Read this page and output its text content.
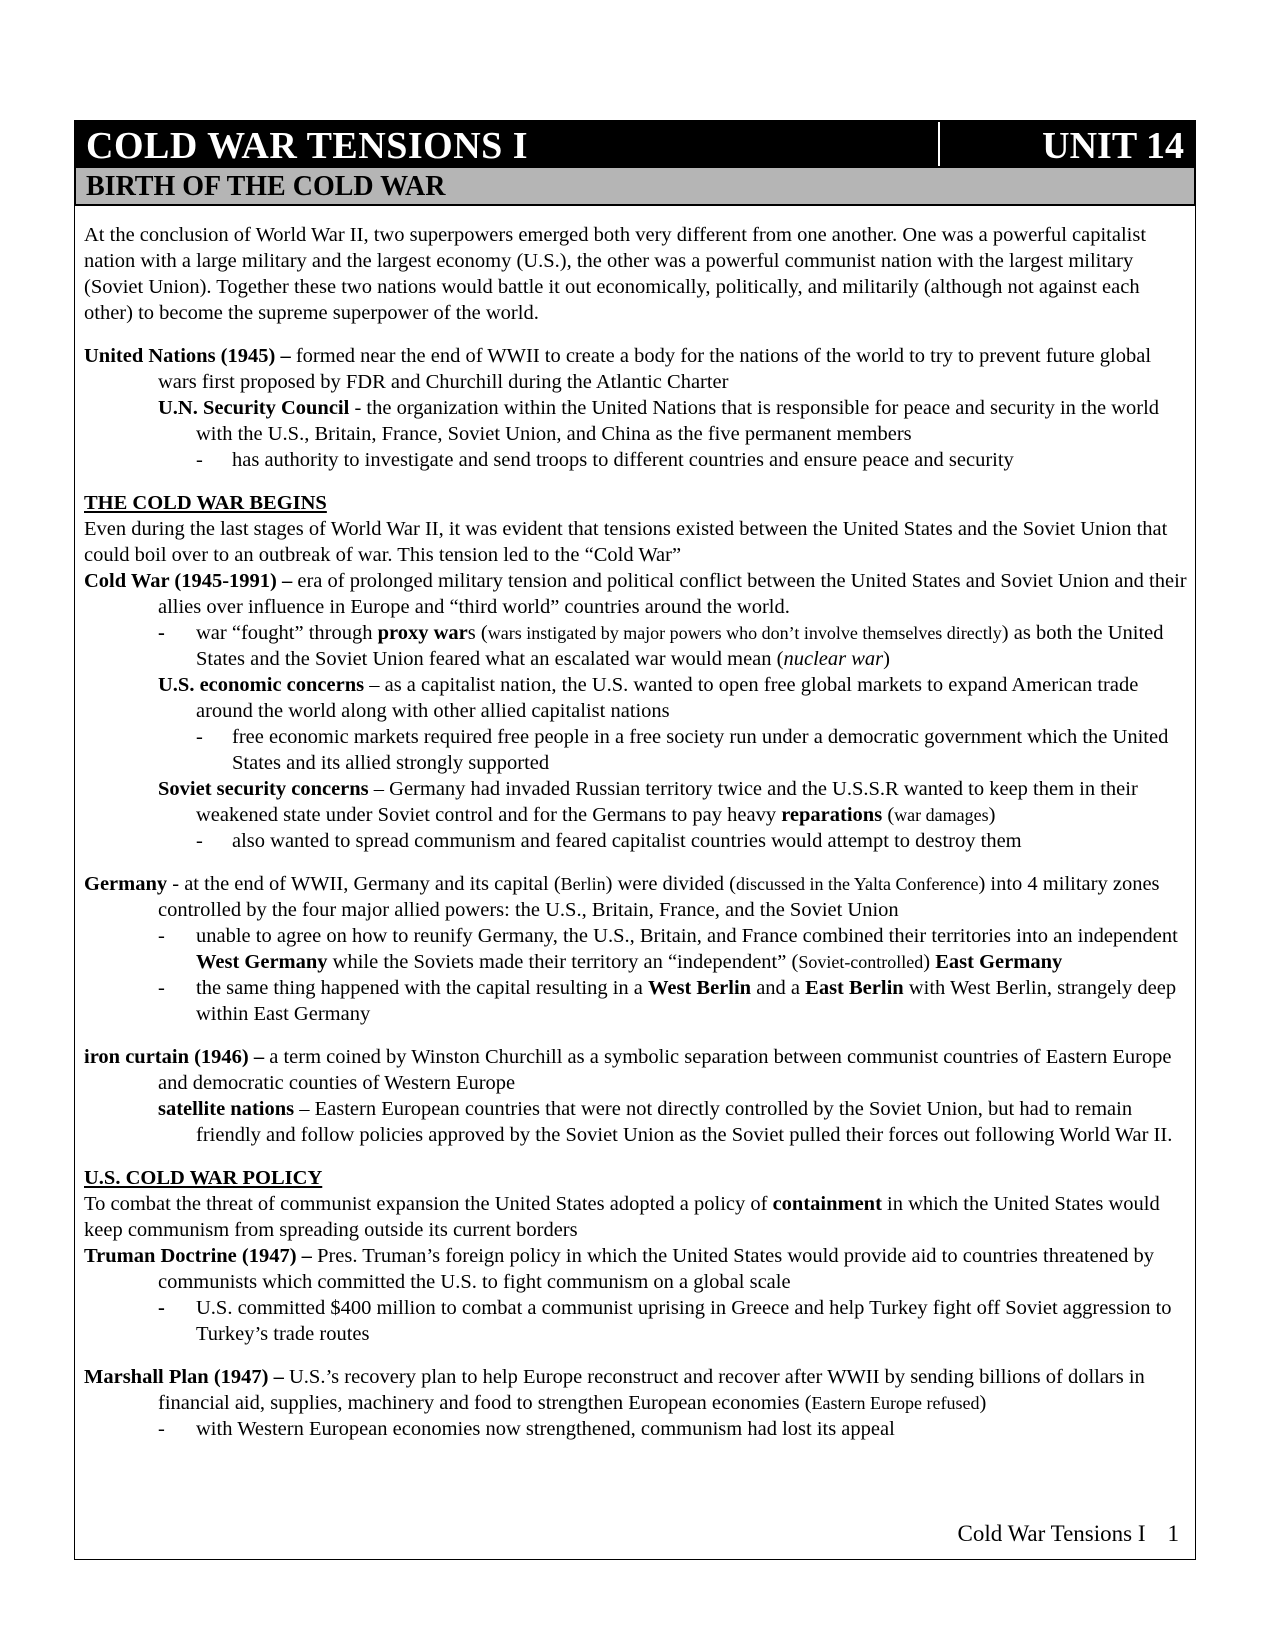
COLD WAR TENSIONS I	UNIT 14
BIRTH OF THE COLD WAR

At the conclusion of World War II, two superpowers emerged both very different from one another. One was a powerful capitalist nation with a large military and the largest economy (U.S.), the other was a powerful communist nation with the largest military (Soviet Union). Together these two nations would battle it out economically, politically, and militarily (although not against each other) to become the supreme superpower of the world.

United Nations (1945) – formed near the end of WWII to create a body for the nations of the world to try to prevent future global wars first proposed by FDR and Churchill during the Atlantic Charter

U.N. Security Council - the organization within the United Nations that is responsible for peace and security in the world with the U.S., Britain, France, Soviet Union, and China as the five permanent members

- has authority to investigate and send troops to different countries and ensure peace and security

THE COLD WAR BEGINS

Even during the last stages of World War II, it was evident that tensions existed between the United States and the Soviet Union that could boil over to an outbreak of war. This tension led to the “Cold War”

Cold War (1945-1991) – era of prolonged military tension and political conflict between the United States and Soviet Union and their allies over influence in Europe and “third world” countries around the world.

- war “fought” through proxy wars (wars instigated by major powers who don’t involve themselves directly) as both the United States and the Soviet Union feared what an escalated war would mean (nuclear war)

U.S. economic concerns – as a capitalist nation, the U.S. wanted to open free global markets to expand American trade around the world along with other allied capitalist nations

- free economic markets required free people in a free society run under a democratic government which the United States and its allied strongly supported

Soviet security concerns – Germany had invaded Russian territory twice and the U.S.S.R wanted to keep them in their weakened state under Soviet control and for the Germans to pay heavy reparations (war damages)

- also wanted to spread communism and feared capitalist countries would attempt to destroy them

Germany - at the end of WWII, Germany and its capital (Berlin) were divided (discussed in the Yalta Conference) into 4 military zones controlled by the four major allied powers: the U.S., Britain, France, and the Soviet Union

- unable to agree on how to reunify Germany, the U.S., Britain, and France combined their territories into an independent West Germany while the Soviets made their territory an “independent” (Soviet-controlled) East Germany

- the same thing happened with the capital resulting in a West Berlin and a East Berlin with West Berlin, strangely deep within East Germany

iron curtain (1946) – a term coined by Winston Churchill as a symbolic separation between communist countries of Eastern Europe and democratic counties of Western Europe

satellite nations – Eastern European countries that were not directly controlled by the Soviet Union, but had to remain friendly and follow policies approved by the Soviet Union as the Soviet pulled their forces out following World War II.

U.S. COLD WAR POLICY

To combat the threat of communist expansion the United States adopted a policy of containment in which the United States would keep communism from spreading outside its current borders

Truman Doctrine (1947) – Pres. Truman’s foreign policy in which the United States would provide aid to countries threatened by communists which committed the U.S. to fight communism on a global scale

- U.S. committed $400 million to combat a communist uprising in Greece and help Turkey fight off Soviet aggression to Turkey’s trade routes

Marshall Plan (1947) – U.S.’s recovery plan to help Europe reconstruct and recover after WWII by sending billions of dollars in financial aid, supplies, machinery and food to strengthen European economies (Eastern Europe refused)

- with Western European economies now strengthened, communism had lost its appeal

Cold War Tensions I 1
